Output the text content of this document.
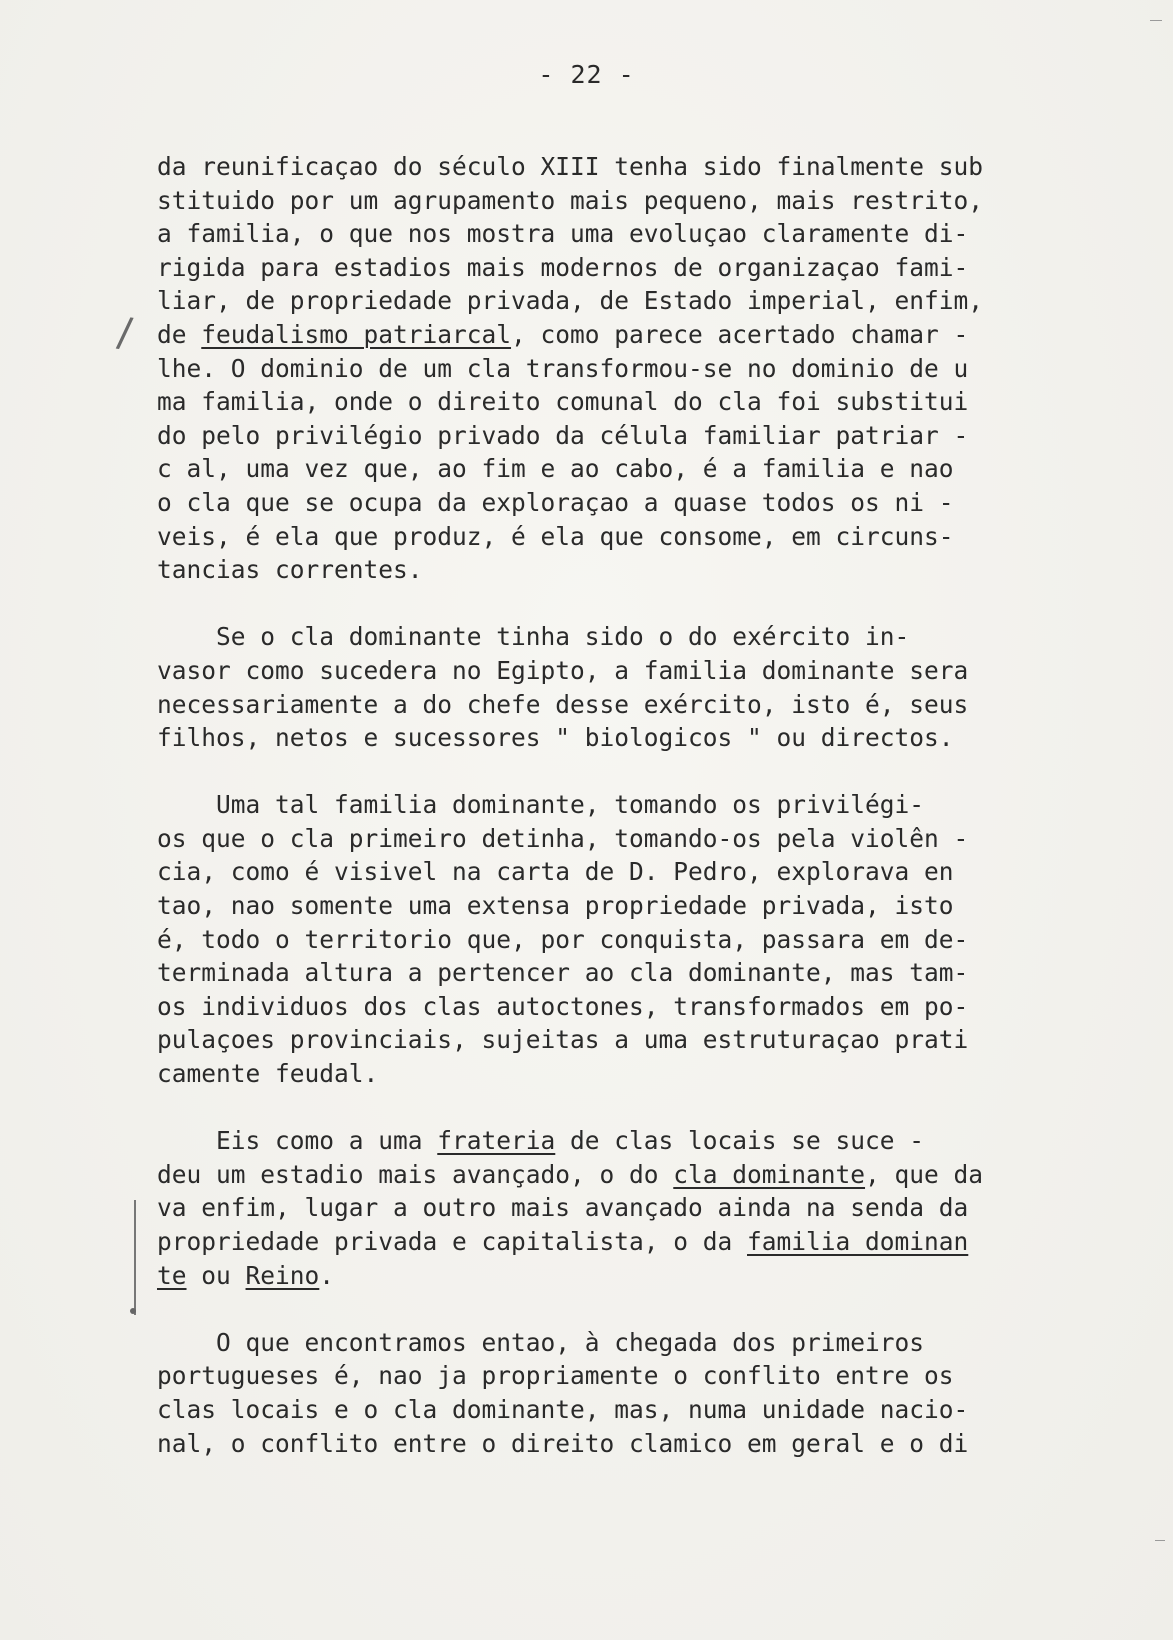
- 22 -
/
da reunificaçao do século XIII tenha sido finalmente sub
stituido por um agrupamento mais pequeno, mais restrito,
a familia, o que nos mostra uma evoluçao claramente di-
rigida para estadios mais modernos de organizaçao fami-
liar, de propriedade privada, de Estado imperial, enfim,
de feudalismo patriarcal, como parece acertado chamar -
lhe. O dominio de um cla transformou-se no dominio de u
ma familia, onde o direito comunal do cla foi substitui
do pelo privilégio privado da célula familiar patriar -
c al, uma vez que, ao fim e ao cabo, é a familia e nao
o cla que se ocupa da exploraçao a quase todos os ni -
veis, é ela que produz, é ela que consome, em circuns-
tancias correntes.
Se o cla dominante tinha sido o do exército in-
vasor como sucedera no Egipto, a familia dominante sera
necessariamente a do chefe desse exército, isto é, seus
filhos, netos e sucessores " biologicos " ou directos.
Uma tal familia dominante, tomando os privilégi-
os que o cla primeiro detinha, tomando-os pela violên -
cia, como é visivel na carta de D. Pedro, explorava en
tao, nao somente uma extensa propriedade privada, isto
é, todo o territorio que, por conquista, passara em de-
terminada altura a pertencer ao cla dominante, mas tam-
os individuos dos clas autoctones, transformados em po-
pulaçoes provinciais, sujeitas a uma estruturaçao prati
camente feudal.
Eis como a uma frateria de clas locais se suce -
deu um estadio mais avançado, o do cla dominante, que da
va enfim, lugar a outro mais avançado ainda na senda da
propriedade privada e capitalista, o da familia dominan
te ou Reino.
O que encontramos entao, à chegada dos primeiros
portugueses é, nao ja propriamente o conflito entre os
clas locais e o cla dominante, mas, numa unidade nacio-
nal, o conflito entre o direito clamico em geral e o di
